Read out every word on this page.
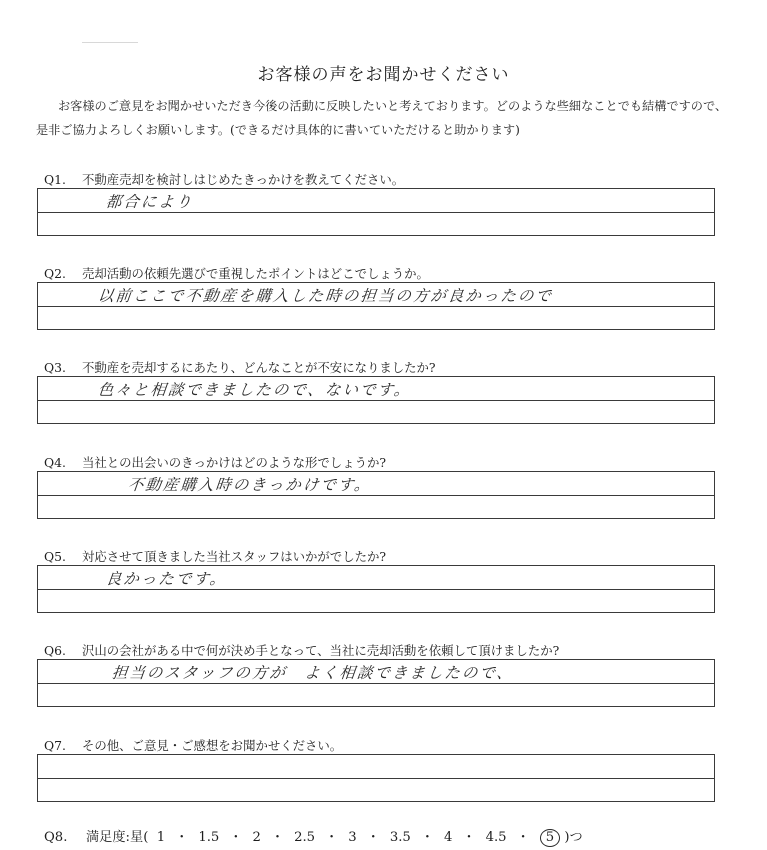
お客様の声をお聞かせください
お客様のご意見をお聞かせいただき今後の活動に反映したいと考えております。どのような些細なことでも結構ですので、是非ご協力よろしくお願いします。(できるだけ具体的に書いていただけると助かります)
Q1. 不動産売却を検討しはじめたきっかけを教えてください。
都合により
Q2. 売却活動の依頼先選びで重視したポイントはどこでしょうか。
以前ここで不動産を購入した時の担当の方が良かったので
Q3. 不動産を売却するにあたり、どんなことが不安になりましたか?
色々と相談できましたので、ないです。
Q4. 当社との出会いのきっかけはどのような形でしょうか?
不動産購入時のきっかけです。
Q5. 対応させて頂きました当社スタッフはいかがでしたか?
良かったです。
Q6. 沢山の会社がある中で何が決め手となって、当社に売却活動を依頼して頂けましたか?
担当のスタッフの方が　よく相談できましたので、
Q7. その他、ご意見・ご感想をお聞かせください。
Q8. 満足度:星( 1 ・ 1.5 ・ 2 ・ 2.5 ・ 3 ・ 3.5 ・ 4 ・ 4.5 ・ 5 )つ
